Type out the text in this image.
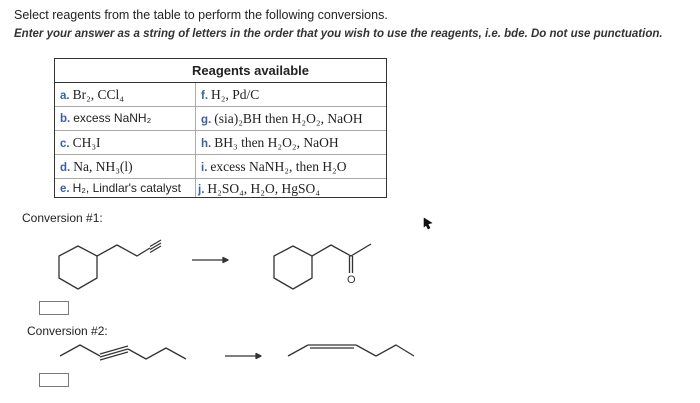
Select reagents from the table to perform the following conversions.
Enter your answer as a string of letters in the order that you wish to use the reagents, i.e. bde. Do not use punctuation.
Reagents available
a. Br₂, CCl₄	f. H₂, Pd/C
b. excess NaNH₂	g. (sia)₂BH then H₂O₂, NaOH
c. CH₃I	h. BH₃ then H₂O₂, NaOH
d. Na, NH₃(l)	i. excess NaNH₂, then H₂O
e. H₂, Lindlar's catalyst j. H₂SO₄, H₂O, HgSO₄
Conversion #1:
Conversion #2:
O
